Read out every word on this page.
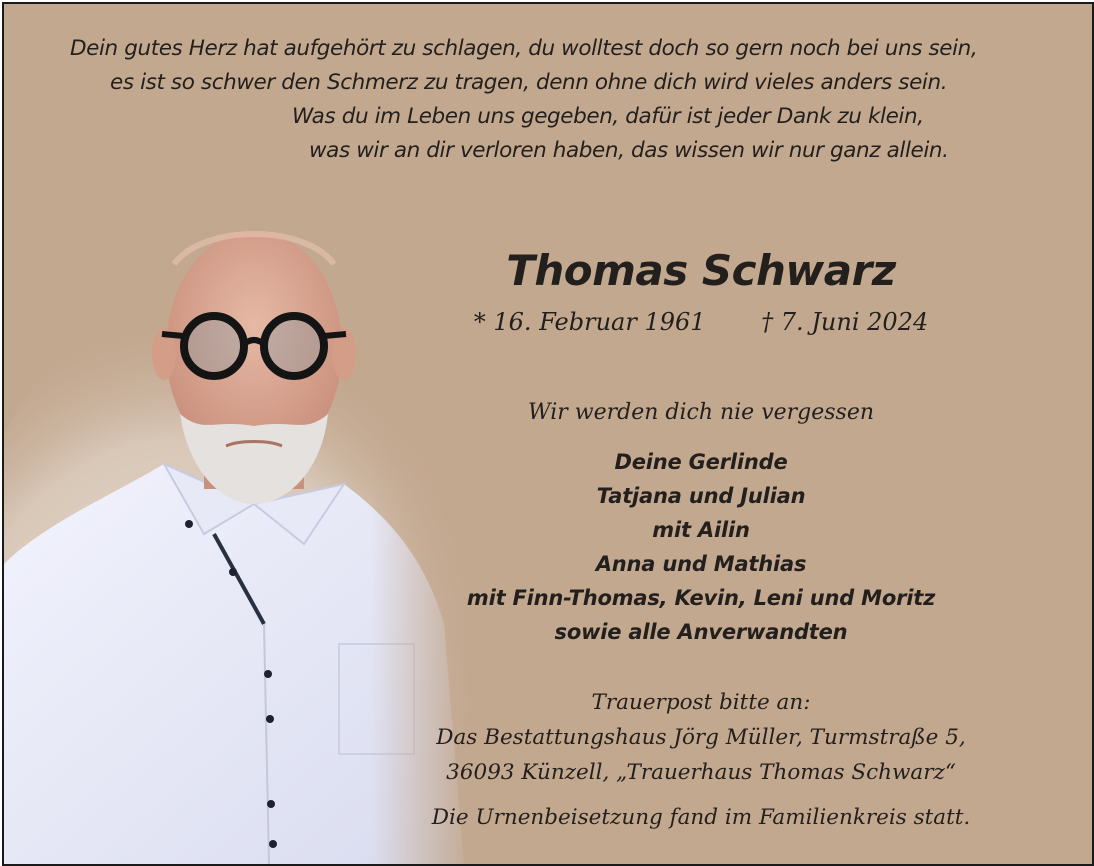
Dein gutes Herz hat aufgehört zu schlagen, du wolltest doch so gern noch bei uns sein,
es ist so schwer den Schmerz zu tragen, denn ohne dich wird vieles anders sein.
Was du im Leben uns gegeben, dafür ist jeder Dank zu klein,
was wir an dir verloren haben, das wissen wir nur ganz allein.
Thomas Schwarz
* 16. Februar 1961 † 7. Juni 2024
Wir werden dich nie vergessen
Deine Gerlinde
Tatjana und Julian
mit Ailin
Anna und Mathias
mit Finn-Thomas, Kevin, Leni und Moritz
sowie alle Anverwandten
Trauerpost bitte an:
Das Bestattungshaus Jörg Müller, Turmstraße 5,
36093 Künzell, „Trauerhaus Thomas Schwarz“
Die Urnenbeisetzung fand im Familienkreis statt.
